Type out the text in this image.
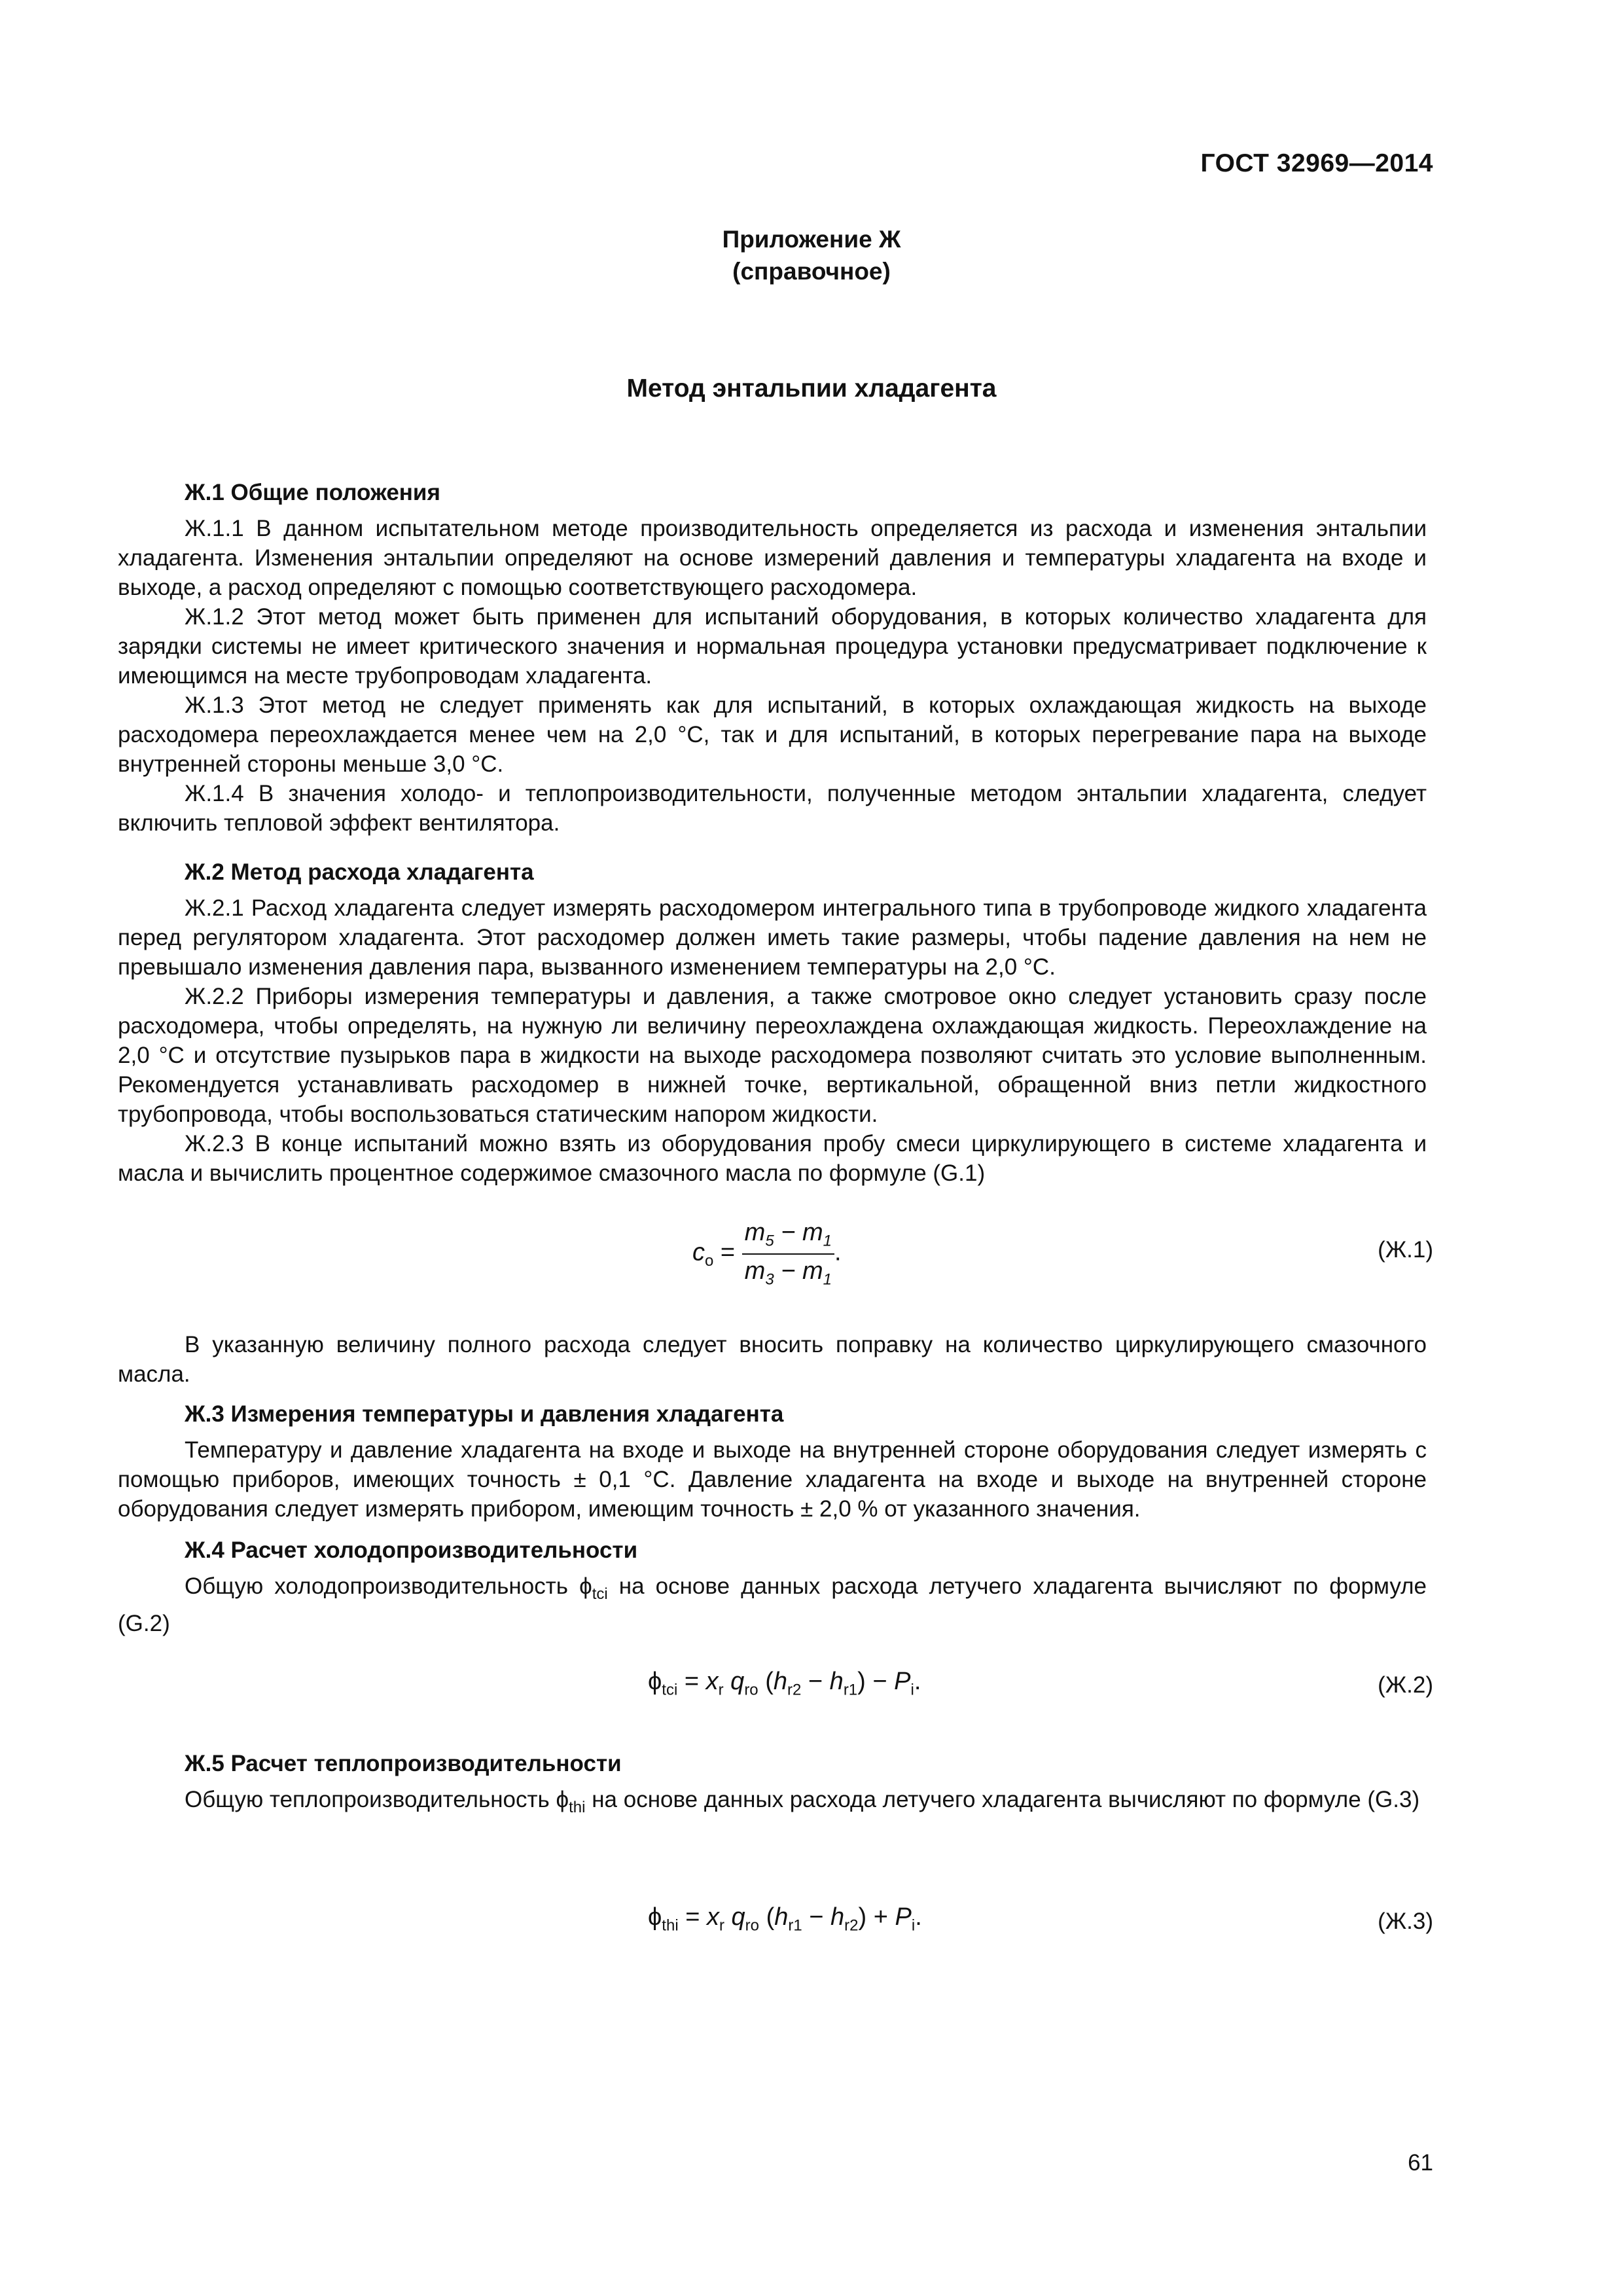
ГОСТ 32969—2014
Приложение Ж
(справочное)
Метод энтальпии хладагента

Ж.1 Общие положения

Ж.1.1 В данном испытательном методе производительность определяется из расхода и изменения энтальпии хладагента. Изменения энтальпии определяют на основе измерений давления и температуры хладагента на входе и выходе, а расход определяют с помощью соответствующего расходомера.

Ж.1.2 Этот метод может быть применен для испытаний оборудования, в которых количество хладагента для зарядки системы не имеет критического значения и нормальная процедура установки предусматривает подключение к имеющимся на месте трубопроводам хладагента.

Ж.1.3 Этот метод не следует применять как для испытаний, в которых охлаждающая жидкость на выходе расходомера переохлаждается менее чем на 2,0 °С, так и для испытаний, в которых перегревание пара на выходе внутренней стороны меньше 3,0 °С.

Ж.1.4 В значения холодо- и теплопроизводительности, полученные методом энтальпии хладагента, следует включить тепловой эффект вентилятора.

Ж.2 Метод расхода хладагента

Ж.2.1 Расход хладагента следует измерять расходомером интегрального типа в трубопроводе жидкого хладагента перед регулятором хладагента. Этот расходомер должен иметь такие размеры, чтобы падение давления на нем не превышало изменения давления пара, вызванного изменением температуры на 2,0 °С.

Ж.2.2 Приборы измерения температуры и давления, а также смотровое окно следует установить сразу после расходомера, чтобы определять, на нужную ли величину переохлаждена охлаждающая жидкость. Переохлаждение на 2,0 °С и отсутствие пузырьков пара в жидкости на выходе расходомера позволяют считать это условие выполненным. Рекомендуется устанавливать расходомер в нижней точке, вертикальной, обращенной вниз петли жидкостного трубопровода, чтобы воспользоваться статическим напором жидкости.

Ж.2.3 В конце испытаний можно взять из оборудования пробу смеси циркулирующего в системе хладагента и масла и вычислить процентное содержимое смазочного масла по формуле (G.1)

$c_o = \frac{m_5 - m_1}{m_3 - m_1}$ .	(Ж.1)

В указанную величину полного расхода следует вносить поправку на количество циркулирующего смазочного масла.

Ж.3 Измерения температуры и давления хладагента

Температуру и давление хладагента на входе и выходе на внутренней стороне оборудования следует измерять с помощью приборов, имеющих точность ± 0,1 °С. Давление хладагента на входе и выходе на внутренней стороне оборудования следует измерять прибором, имеющим точность ± 2,0 % от указанного значения.

Ж.4 Расчет холодопроизводительности

Общую холодопроизводительность $\phi_{tci}$ на основе данных расхода летучего хладагента вычисляют по формуле (G.2)

$\phi_{tci} = x_r$ $q_{ro}$ $(h_{r2} - h_{r1}) - P_i$.	(Ж.2)

Ж.5 Расчет теплопроизводительности

Общую теплопроизводительность $\phi_{thi}$ на основе данных расхода летучего хладагента вычисляют по формуле (G.3)

$\phi_{thi} = x_r$ $q_{ro}$ $(h_{r1} - h_{r2}) + P_i$.	(Ж.3)
61
